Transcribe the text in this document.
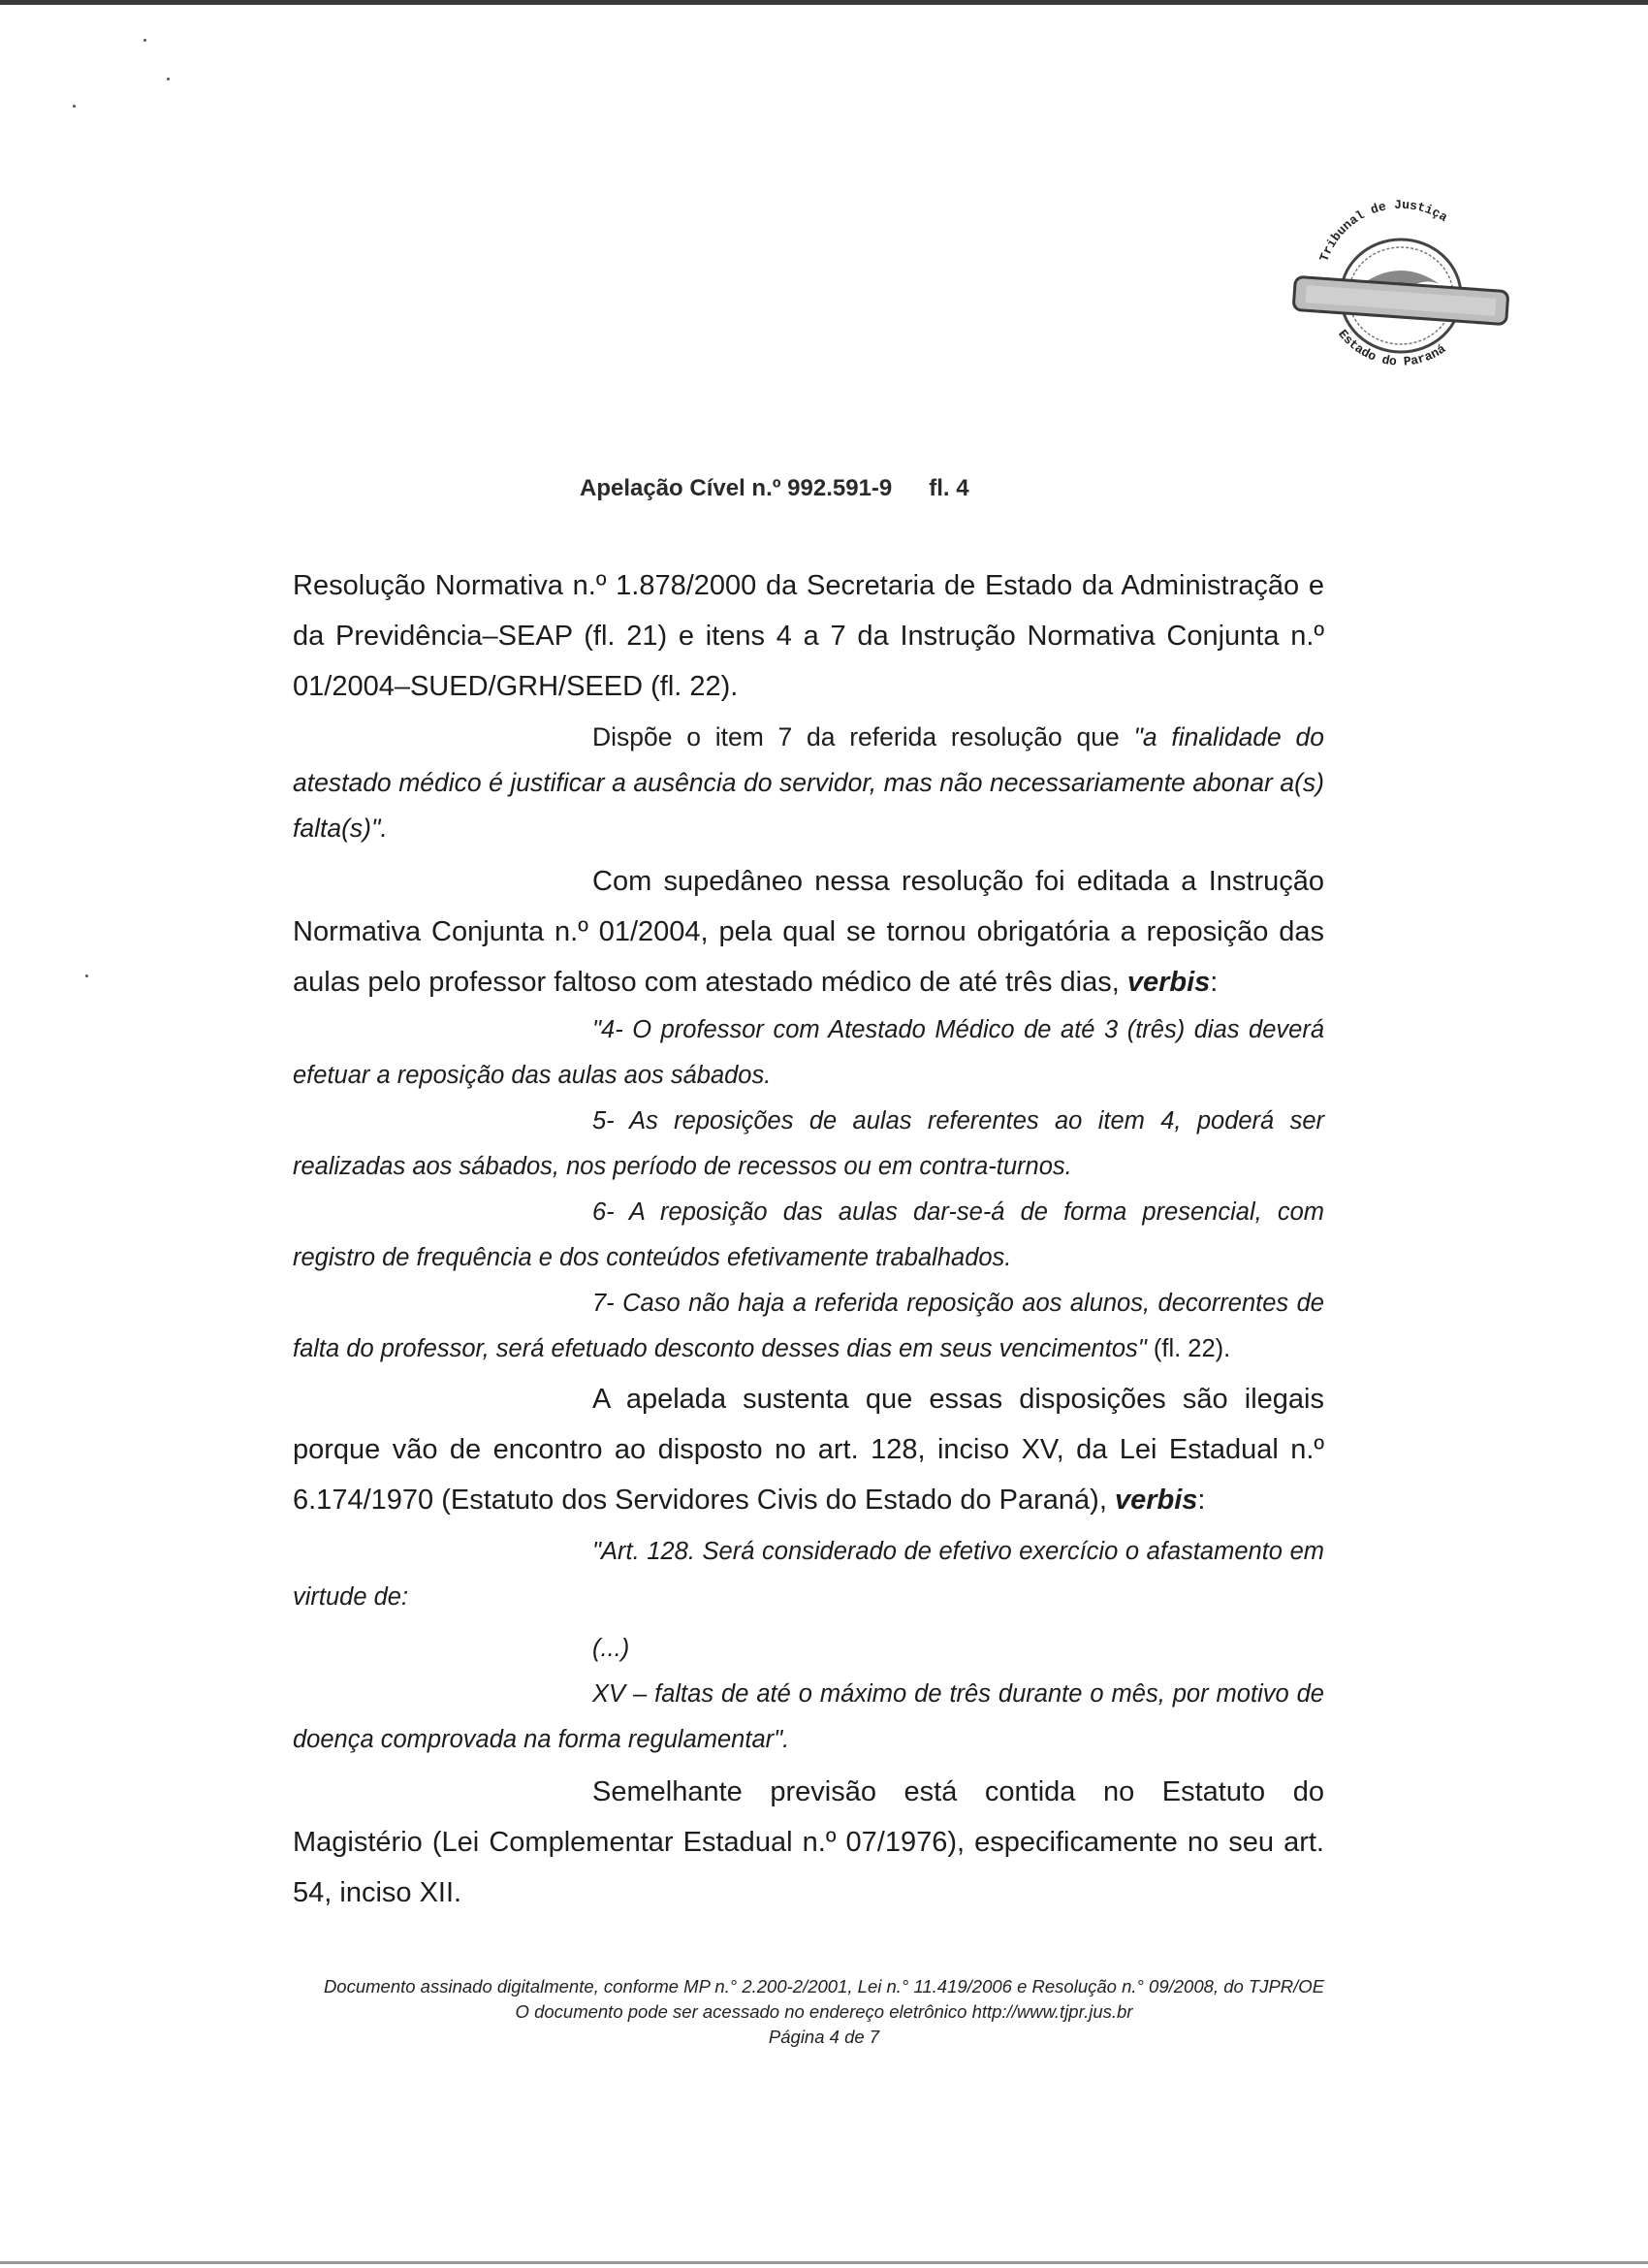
Tribunal de Justiça
Estado do Paraná
Apelação Cível n.º 992.591-9 fl. 4

Resolução Normativa n.º 1.878/2000 da Secretaria de Estado da Administração e da Previdência–SEAP (fl. 21) e itens 4 a 7 da Instrução Normativa Conjunta n.º 01/2004–SUED/GRH/SEED (fl. 22).

Dispõe o item 7 da referida resolução que "a finalidade do atestado médico é justificar a ausência do servidor, mas não necessariamente abonar a(s) falta(s)".

Com supedâneo nessa resolução foi editada a Instrução Normativa Conjunta n.º 01/2004, pela qual se tornou obrigatória a reposição das aulas pelo professor faltoso com atestado médico de até três dias, verbis:

"4- O professor com Atestado Médico de até 3 (três) dias deverá efetuar a reposição das aulas aos sábados.

5- As reposições de aulas referentes ao item 4, poderá ser realizadas aos sábados, nos período de recessos ou em contra-turnos.

6- A reposição das aulas dar-se-á de forma presencial, com registro de frequência e dos conteúdos efetivamente trabalhados.

7- Caso não haja a referida reposição aos alunos, decorrentes de falta do professor, será efetuado desconto desses dias em seus vencimentos" (fl. 22).

A apelada sustenta que essas disposições são ilegais porque vão de encontro ao disposto no art. 128, inciso XV, da Lei Estadual n.º 6.174/1970 (Estatuto dos Servidores Civis do Estado do Paraná), verbis:

"Art. 128. Será considerado de efetivo exercício o afastamento em virtude de:

(...)

XV – faltas de até o máximo de três durante o mês, por motivo de doença comprovada na forma regulamentar".

Semelhante previsão está contida no Estatuto do Magistério (Lei Complementar Estadual n.º 07/1976), especificamente no seu art. 54, inciso XII.

Documento assinado digitalmente, conforme MP n.° 2.200-2/2001, Lei n.° 11.419/2006 e Resolução n.° 09/2008, do TJPR/OE
O documento pode ser acessado no endereço eletrônico http://www.tjpr.jus.br
Página 4 de 7
